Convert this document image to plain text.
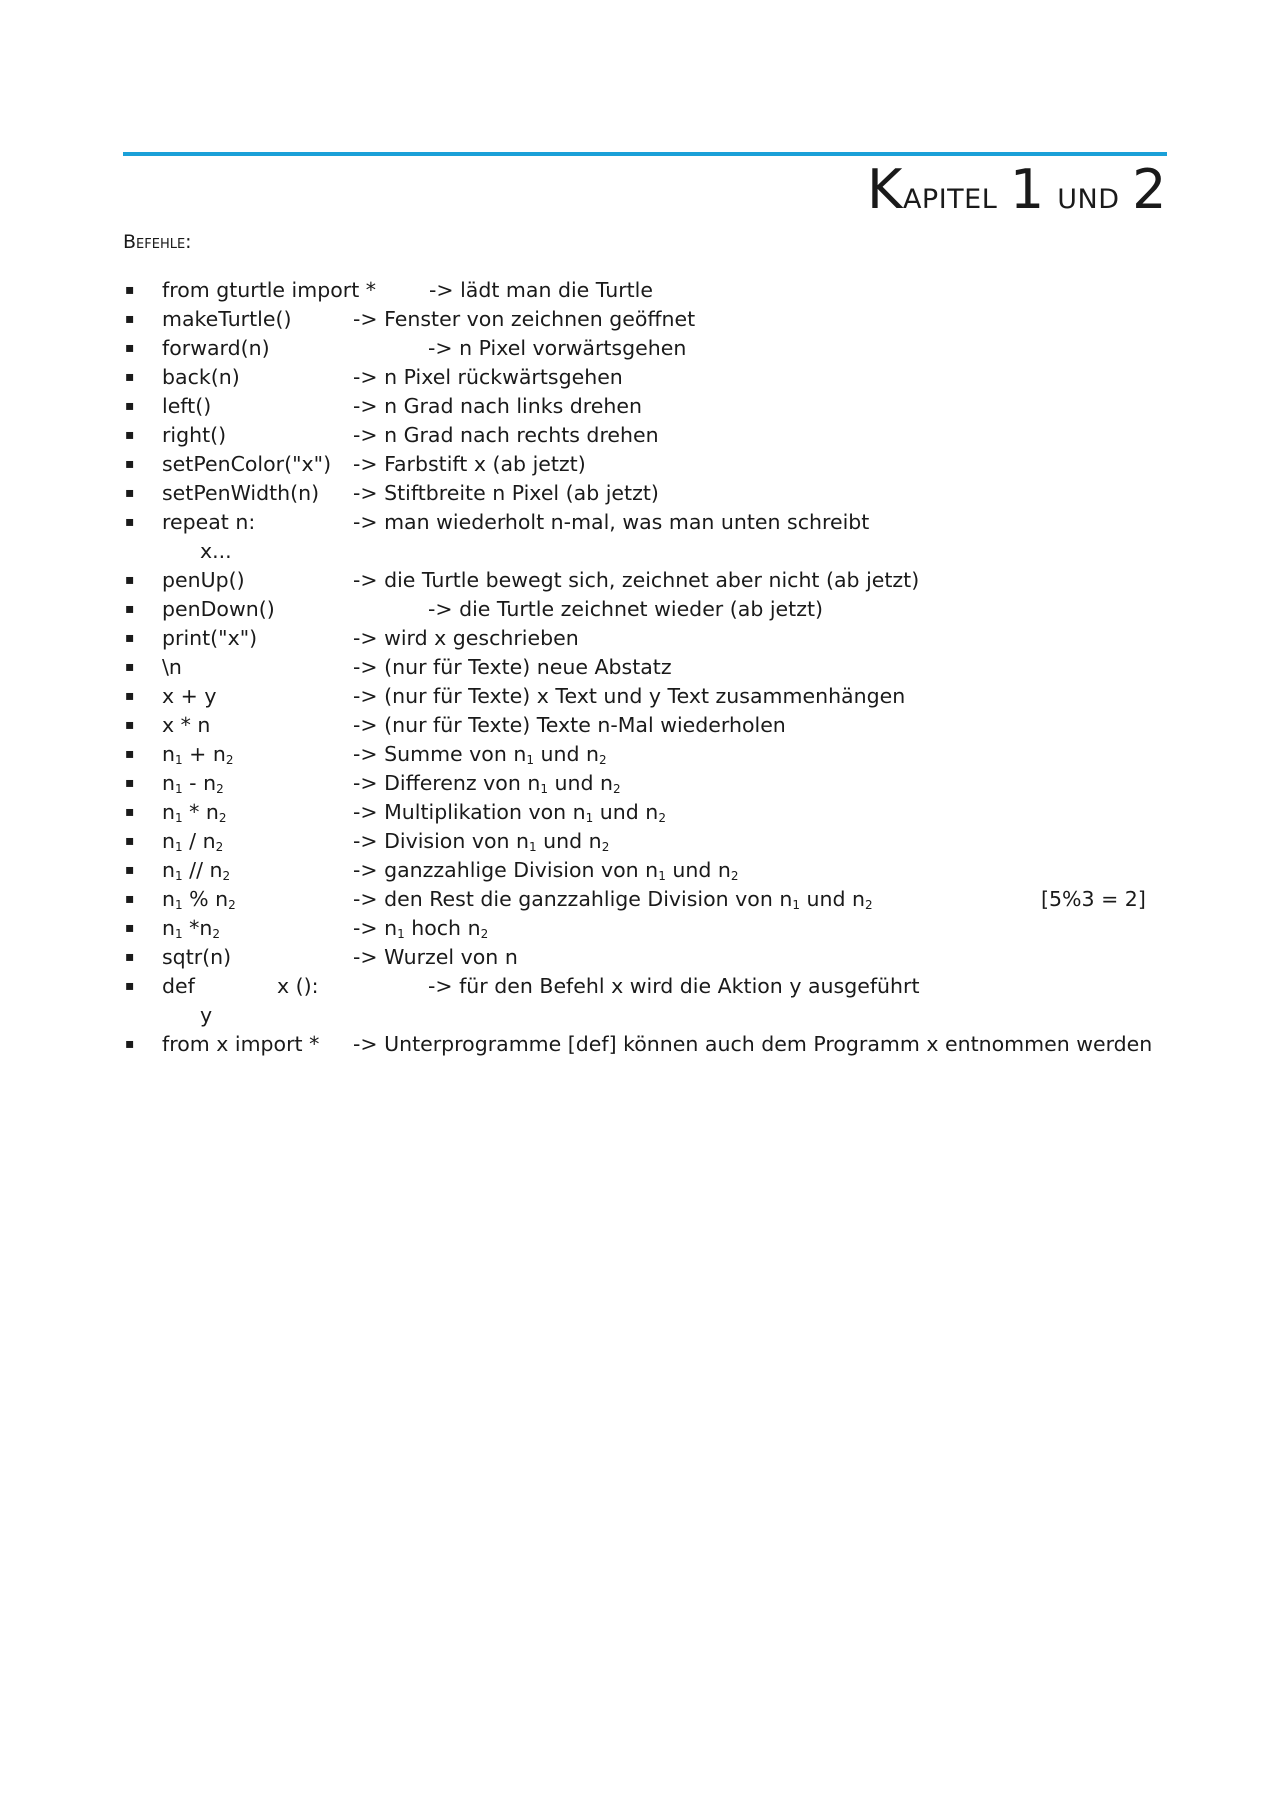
Kapitel 1 und 2
Befehle:
▪ from gturtle import *	-> lädt man die Turtle
▪ makeTurtle()	-> Fenster von zeichnen geöffnet
▪ forward(n)	-> n Pixel vorwärtsgehen
▪ back(n)	-> n Pixel rückwärtsgehen
▪ left()	-> n Grad nach links drehen
▪ right()	-> n Grad nach rechts drehen
▪ setPenColor("x") -> Farbstift x (ab jetzt)
▪ setPenWidth(n) -> Stiftbreite n Pixel (ab jetzt)
▪ repeat n:	-> man wiederholt n-mal, was man unten schreibt
x...
▪ penUp()	-> die Turtle bewegt sich, zeichnet aber nicht (ab jetzt)
▪ penDown()	-> die Turtle zeichnet wieder (ab jetzt)
▪ print("x")	-> wird x geschrieben
▪ \n	-> (nur für Texte) neue Abstatz
▪ x + y	-> (nur für Texte) x Text und y Text zusammenhängen
▪ x * n	-> (nur für Texte) Texte n-Mal wiederholen
▪ $n_1 + n_2$	-> Summe von $n_1$ und $n_2$
▪ $n_1 - n_2$	-> Differenz von $n_1$ und $n_2$
▪ $n_1 * n_2$	-> Multiplikation von $n_1$ und $n_2$
▪ $n_1 / n_2$	-> Division von $n_1$ und $n_2$
▪ $n_1 // n_2$	-> ganzzahlige Division von $n_1$ und $n_2$
▪ $n_1$ % $n_2$	-> den Rest die ganzzahlige Division von $n_1$ und $n_2$	[5%3 = 2]
▪ $n_1$ $*n_2$	-> $n_1$ hoch $n_2$
▪ sqtr(n)	-> Wurzel von n
▪ def	x ():	-> für den Befehl x wird die Aktion y ausgeführt
y
▪ from x import * -> Unterprogramme [def] können auch dem Programm x entnommen werden
